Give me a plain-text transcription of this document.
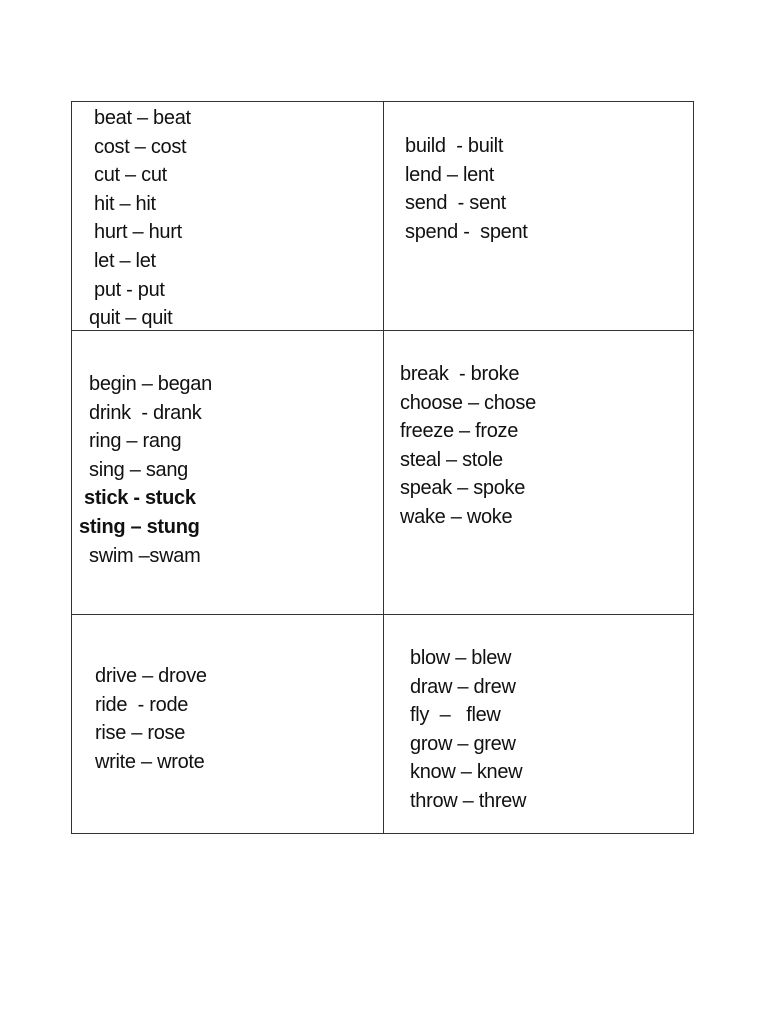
beat – beat
cost – cost
cut – cut
hit – hit
hurt – hurt
let – let
put - put
quit – quit
build  - built
lend – lent
send  - sent
spend -  spent
begin – began
drink  - drank
ring – rang
sing – sang
stick - stuck
sting – stung
swim –swam
break  - broke
choose – chose
freeze – froze
steal – stole
speak – spoke
wake – woke
drive – drove
ride  - rode
rise – rose
write – wrote
blow – blew
draw – drew
fly  –   flew
grow – grew
know – knew
throw – threw
